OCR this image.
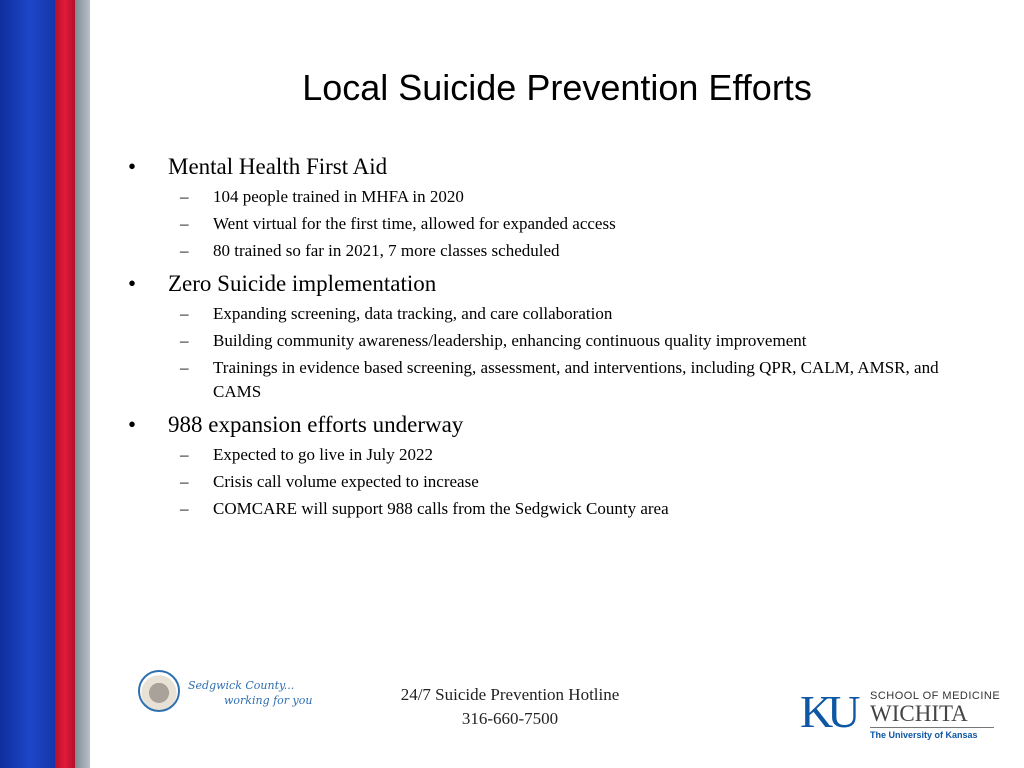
Local Suicide Prevention Efforts
• Mental Health First Aid
– 104 people trained in MHFA in 2020
– Went virtual for the first time, allowed for expanded access
– 80 trained so far in 2021, 7 more classes scheduled
• Zero Suicide implementation
– Expanding screening, data tracking, and care collaboration
– Building community awareness/leadership, enhancing continuous quality improvement
– Trainings in evidence based screening, assessment, and interventions, including QPR, CALM, AMSR, and CAMS
• 988 expansion efforts underway
– Expected to go live in July 2022
– Crisis call volume expected to increase
– COMCARE will support 988 calls from the Sedgwick County area
Sedgwick County...
working for you	24/7 Suicide Prevention Hotline
316-660-7500	KU SCHOOL OF MEDICINE
WICHITA
The University of Kansas
